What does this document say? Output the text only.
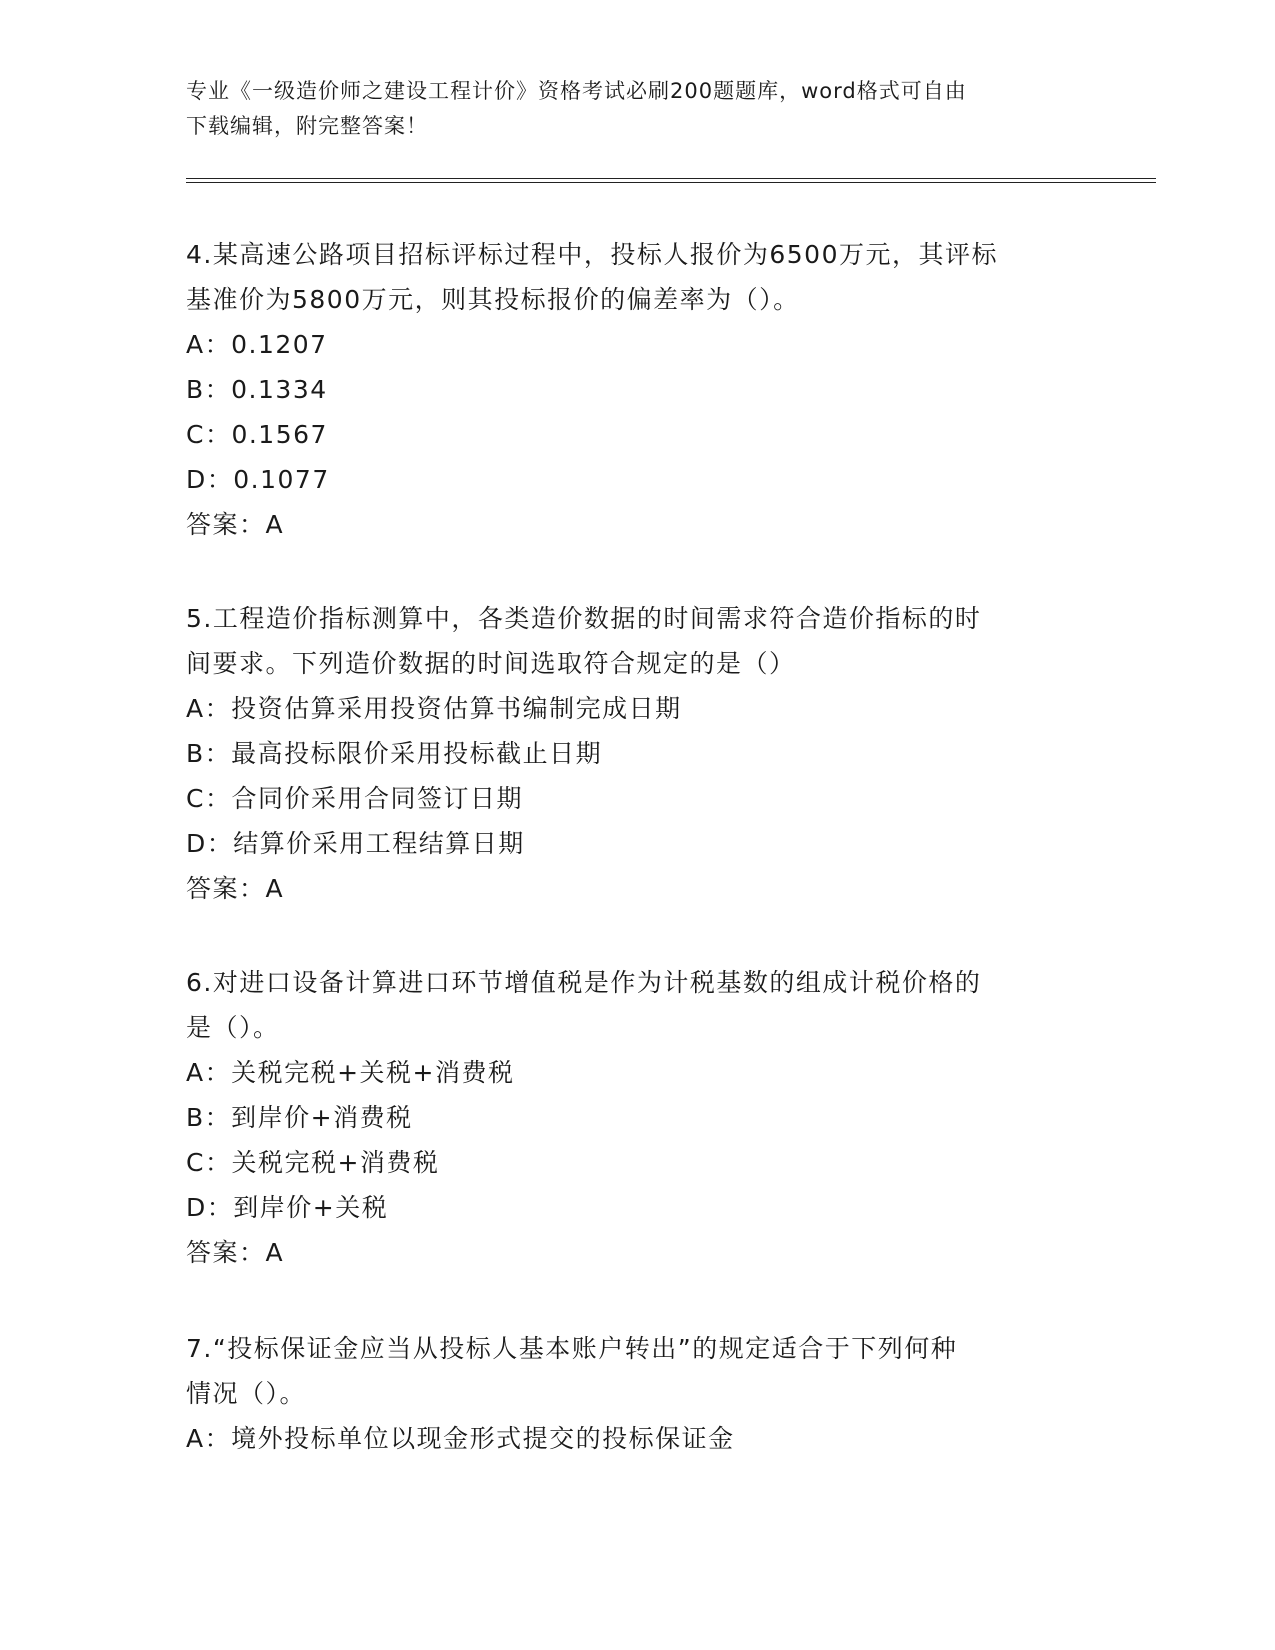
专业《一级造价师之建设工程计价》资格考试必刷200题题库，word格式可自由
下载编辑，附完整答案！
4.某高速公路项目招标评标过程中，投标人报价为6500万元，其评标
基准价为5800万元，则其投标报价的偏差率为（）。
A：0.1207
B：0.1334
C：0.1567
D：0.1077
答案：A
5.工程造价指标测算中，各类造价数据的时间需求符合造价指标的时
间要求。下列造价数据的时间选取符合规定的是（）
A：投资估算采用投资估算书编制完成日期
B：最高投标限价采用投标截止日期
C：合同价采用合同签订日期
D：结算价采用工程结算日期
答案：A
6.对进口设备计算进口环节增值税是作为计税基数的组成计税价格的
是（）。
A：关税完税+关税+消费税
B：到岸价+消费税
C：关税完税+消费税
D：到岸价+关税
答案：A
7.“投标保证金应当从投标人基本账户转出”的规定适合于下列何种
情况（）。
A：境外投标单位以现金形式提交的投标保证金
